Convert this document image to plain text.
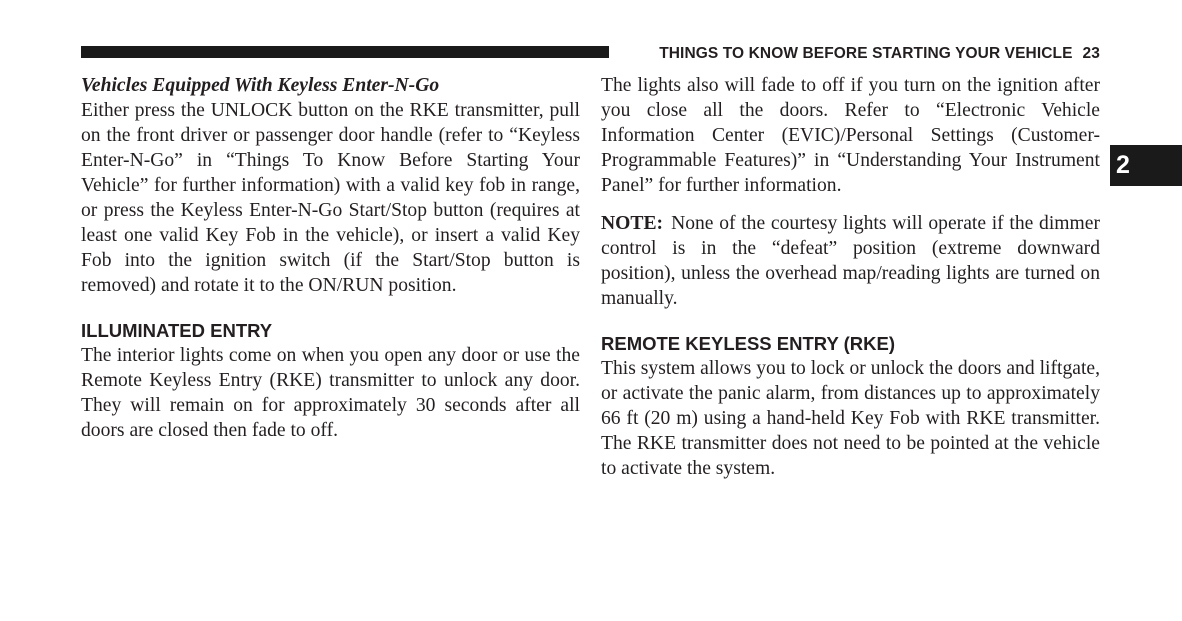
THINGS TO KNOW BEFORE STARTING YOUR VEHICLE 23
2

Vehicles Equipped With Keyless Enter-N-Go

Either press the UNLOCK button on the RKE transmitter, pull on the front driver or passenger door handle (refer to “Keyless Enter-N-Go” in “Things To Know Before Starting Your Vehicle” for further information) with a valid key fob in range, or press the Keyless Enter-N-Go Start/​Stop button (requires at least one valid Key Fob in the vehicle), or insert a valid Key Fob into the ignition switch (if the Start/​Stop button is removed) and rotate it to the ON/​RUN position.

ILLUMINATED ENTRY

The interior lights come on when you open any door or use the Remote Keyless Entry (RKE) transmitter to unlock any door. They will remain on for approximately 30 seconds after all doors are closed then fade to off.

The lights also will fade to off if you turn on the ignition after you close all the doors. Refer to “Electronic Vehicle Information Center (EVIC)/​Personal Settings (Customer-​Programmable Features)” in “Understanding Your Instrument Panel” for further information.

NOTE: None of the courtesy lights will operate if the dimmer control is in the “defeat” position (extreme downward position), unless the overhead map/​reading lights are turned on manually.

REMOTE KEYLESS ENTRY (RKE)

This system allows you to lock or unlock the doors and liftgate, or activate the panic alarm, from distances up to approximately 66 ft (20 m) using a hand-held Key Fob with RKE transmitter. The RKE transmitter does not need to be pointed at the vehicle to activate the system.
